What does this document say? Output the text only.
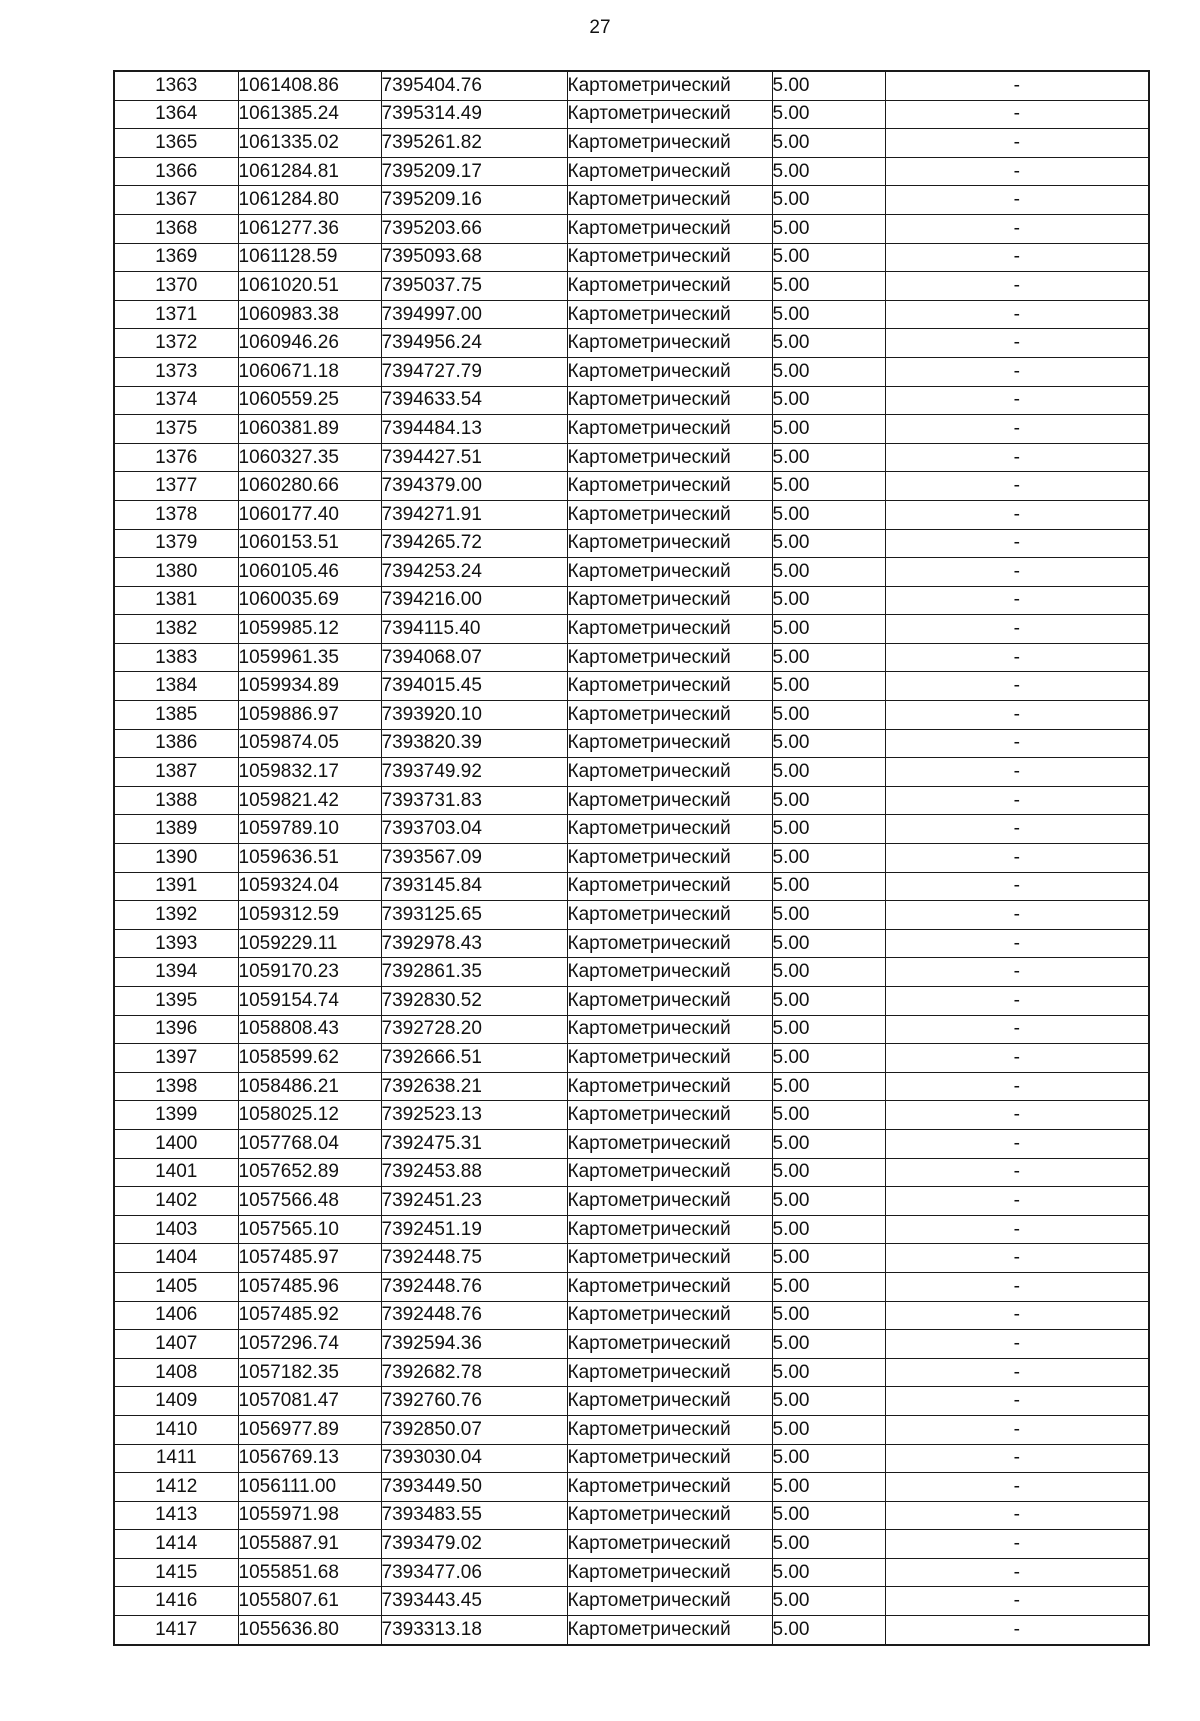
27
1363	1061408.86	7395404.76	Картометрический	5.00	-
1364	1061385.24	7395314.49	Картометрический	5.00	-
1365	1061335.02	7395261.82	Картометрический	5.00	-
1366	1061284.81	7395209.17	Картометрический	5.00	-
1367	1061284.80	7395209.16	Картометрический	5.00	-
1368	1061277.36	7395203.66	Картометрический	5.00	-
1369	1061128.59	7395093.68	Картометрический	5.00	-
1370	1061020.51	7395037.75	Картометрический	5.00	-
1371	1060983.38	7394997.00	Картометрический	5.00	-
1372	1060946.26	7394956.24	Картометрический	5.00	-
1373	1060671.18	7394727.79	Картометрический	5.00	-
1374	1060559.25	7394633.54	Картометрический	5.00	-
1375	1060381.89	7394484.13	Картометрический	5.00	-
1376	1060327.35	7394427.51	Картометрический	5.00	-
1377	1060280.66	7394379.00	Картометрический	5.00	-
1378	1060177.40	7394271.91	Картометрический	5.00	-
1379	1060153.51	7394265.72	Картометрический	5.00	-
1380	1060105.46	7394253.24	Картометрический	5.00	-
1381	1060035.69	7394216.00	Картометрический	5.00	-
1382	1059985.12	7394115.40	Картометрический	5.00	-
1383	1059961.35	7394068.07	Картометрический	5.00	-
1384	1059934.89	7394015.45	Картометрический	5.00	-
1385	1059886.97	7393920.10	Картометрический	5.00	-
1386	1059874.05	7393820.39	Картометрический	5.00	-
1387	1059832.17	7393749.92	Картометрический	5.00	-
1388	1059821.42	7393731.83	Картометрический	5.00	-
1389	1059789.10	7393703.04	Картометрический	5.00	-
1390	1059636.51	7393567.09	Картометрический	5.00	-
1391	1059324.04	7393145.84	Картометрический	5.00	-
1392	1059312.59	7393125.65	Картометрический	5.00	-
1393	1059229.11	7392978.43	Картометрический	5.00	-
1394	1059170.23	7392861.35	Картометрический	5.00	-
1395	1059154.74	7392830.52	Картометрический	5.00	-
1396	1058808.43	7392728.20	Картометрический	5.00	-
1397	1058599.62	7392666.51	Картометрический	5.00	-
1398	1058486.21	7392638.21	Картометрический	5.00	-
1399	1058025.12	7392523.13	Картометрический	5.00	-
1400	1057768.04	7392475.31	Картометрический	5.00	-
1401	1057652.89	7392453.88	Картометрический	5.00	-
1402	1057566.48	7392451.23	Картометрический	5.00	-
1403	1057565.10	7392451.19	Картометрический	5.00	-
1404	1057485.97	7392448.75	Картометрический	5.00	-
1405	1057485.96	7392448.76	Картометрический	5.00	-
1406	1057485.92	7392448.76	Картометрический	5.00	-
1407	1057296.74	7392594.36	Картометрический	5.00	-
1408	1057182.35	7392682.78	Картометрический	5.00	-
1409	1057081.47	7392760.76	Картометрический	5.00	-
1410	1056977.89	7392850.07	Картометрический	5.00	-
1411	1056769.13	7393030.04	Картометрический	5.00	-
1412	1056111.00	7393449.50	Картометрический	5.00	-
1413	1055971.98	7393483.55	Картометрический	5.00	-
1414	1055887.91	7393479.02	Картометрический	5.00	-
1415	1055851.68	7393477.06	Картометрический	5.00	-
1416	1055807.61	7393443.45	Картометрический	5.00	-
1417	1055636.80	7393313.18	Картометрический	5.00	-
